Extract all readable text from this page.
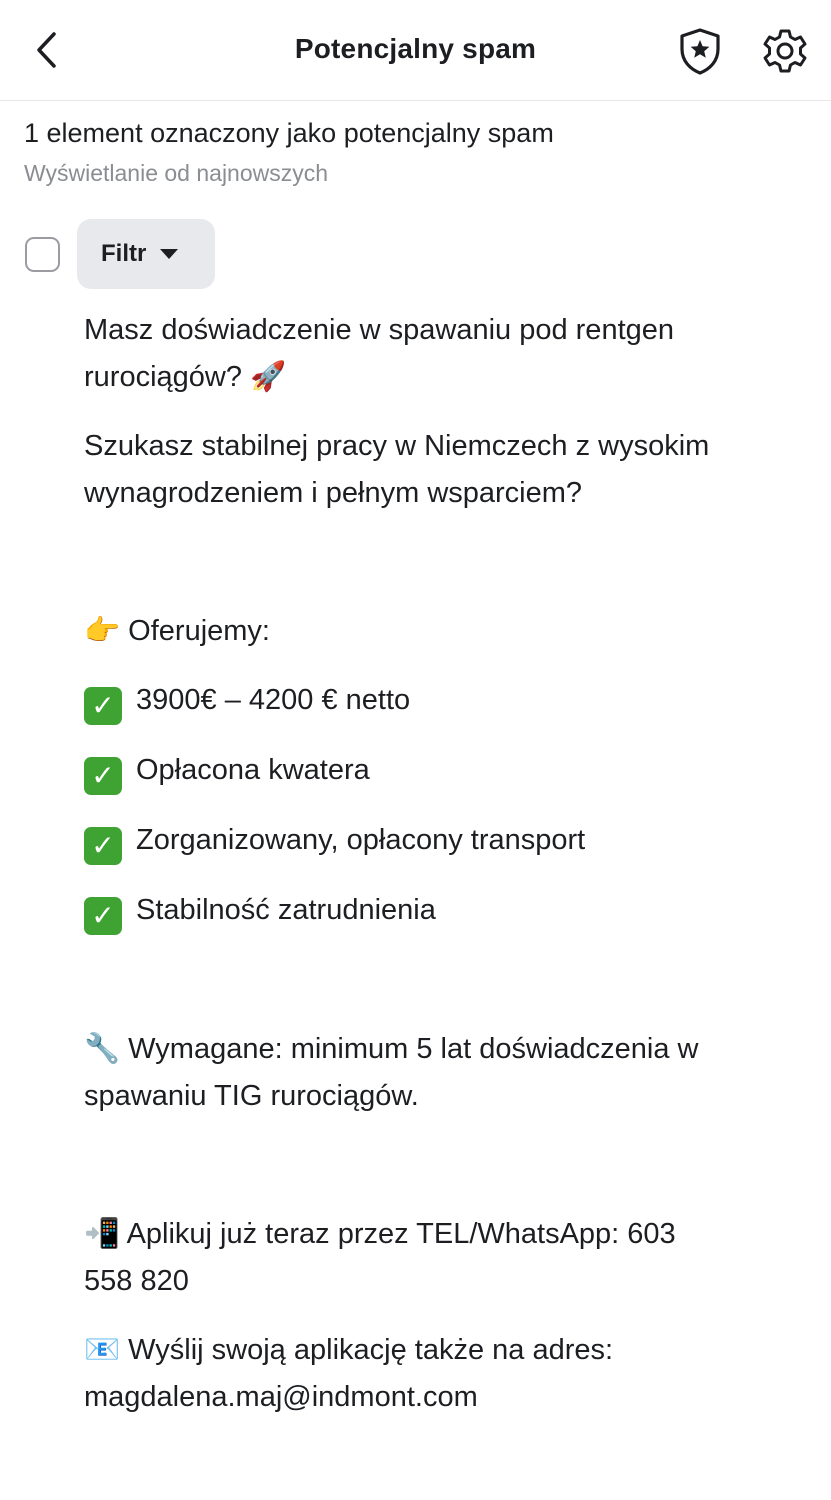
Potencjalny spam
1 element oznaczony jako potencjalny spam
Wyświetlanie od najnowszych
Filtr

Masz doświadczenie w spawaniu pod rentgen
rurociągów? 🚀

Szukasz stabilnej pracy w Niemczech z wysokim
wynagrodzeniem i pełnym wsparciem?

👉 Oferujemy:

✓ 3900€ – 4200 € netto

✓ Opłacona kwatera

✓ Zorganizowany, opłacony transport

✓ Stabilność zatrudnienia

🔧 Wymagane: minimum 5 lat doświadczenia w
spawaniu TIG rurociągów.

📲 Aplikuj już teraz przez TEL/WhatsApp: 603
558 820

📧 Wyślij swoją aplikację także na adres:
magdalena.maj@indmont.com
